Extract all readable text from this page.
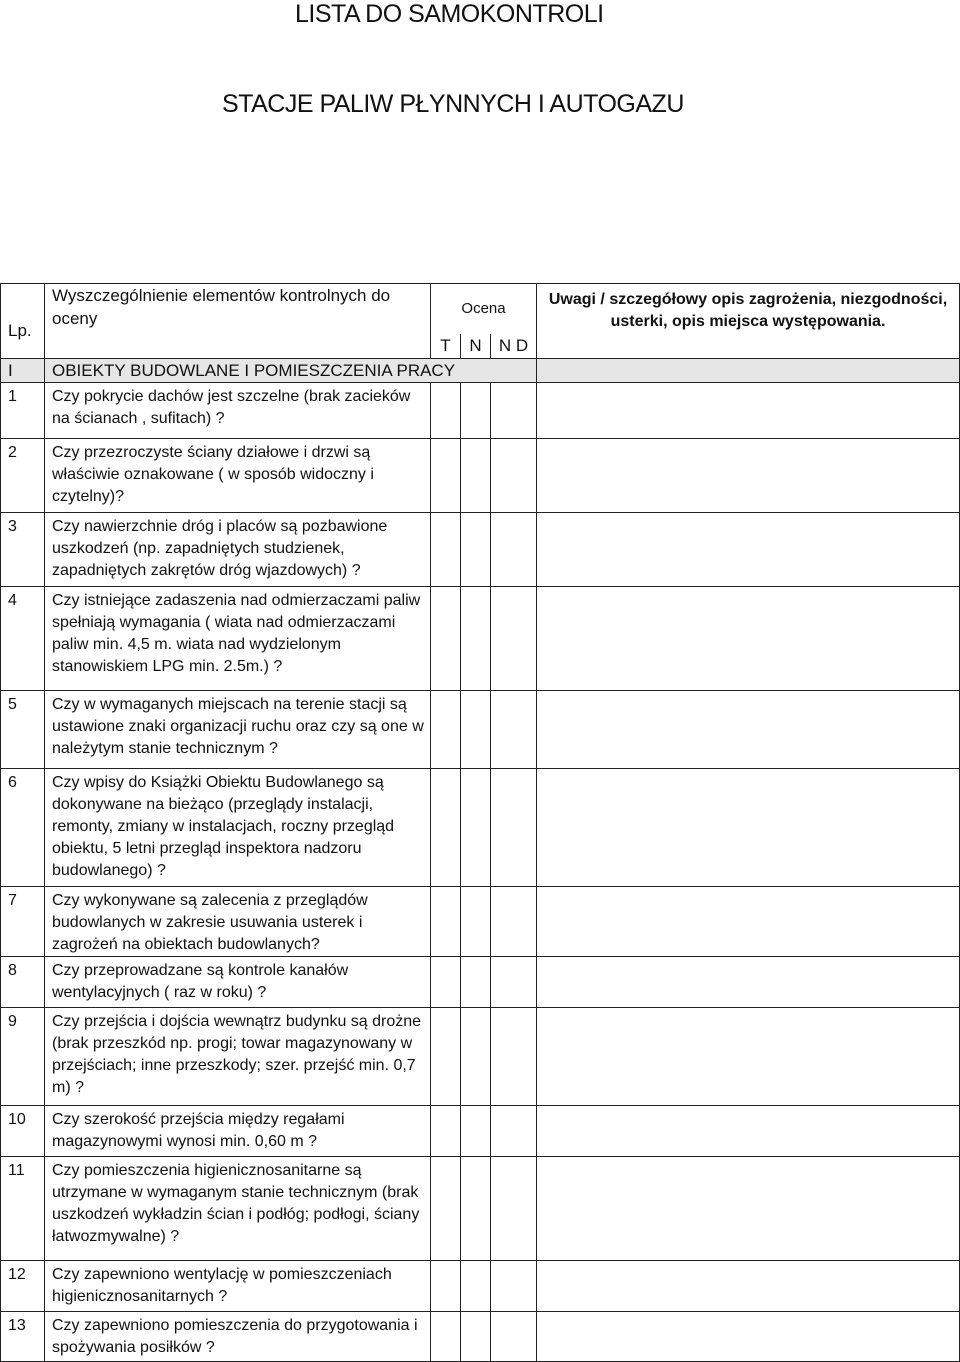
LISTA DO SAMOKONTROLI
STACJE PALIW PŁYNNYCH I AUTOGAZU
Lp.	Wyszczególnienie elementów kontrolnych do oceny	Ocena			Uwagi / szczegółowy opis zagrożenia, niezgodności, usterki, opis miejsca występowania.
		T	N	N D	
I	OBIEKTY BUDOWLANE I POMIESZCZENIA PRACY				
1	Czy pokrycie dachów jest szczelne (brak zacieków na ścianach , sufitach) ?				
2	Czy przezroczyste ściany działowe i drzwi są właściwie oznakowane ( w sposób widoczny i czytelny)?				
3	Czy nawierzchnie dróg i placów są pozbawione uszkodzeń (np. zapadniętych studzienek, zapadniętych zakrętów dróg wjazdowych) ?				
4	Czy istniejące zadaszenia nad odmierzaczami paliw spełniają wymagania ( wiata nad odmierzaczami paliw min. 4,5 m. wiata nad wydzielonym stanowiskiem LPG min. 2.5m.) ?				
5	Czy w wymaganych miejscach na terenie stacji są ustawione znaki organizacji ruchu oraz czy są one w należytym stanie technicznym ?				
6	Czy wpisy do Książki Obiektu Budowlanego są dokonywane na bieżąco (przeglądy instalacji, remonty, zmiany w instalacjach, roczny przegląd obiektu, 5 letni przegląd inspektora nadzoru budowlanego) ?				
7	Czy wykonywane są zalecenia z przeglądów budowlanych w zakresie usuwania usterek i zagrożeń na obiektach budowlanych?				
8	Czy przeprowadzane są kontrole kanałów wentylacyjnych ( raz w roku) ?				
9	Czy przejścia i dojścia wewnątrz budynku są drożne (brak przeszkód np. progi; towar magazynowany w przejściach; inne przeszkody; szer. przejść min. 0,7 m) ?				
10	Czy szerokość przejścia między regałami magazynowymi wynosi min. 0,60 m ?				
11	Czy pomieszczenia higienicznosanitarne są utrzymane w wymaganym stanie technicznym (brak uszkodzeń wykładzin ścian i podłóg; podłogi, ściany łatwozmywalne) ?				
12	Czy zapewniono wentylację w pomieszczeniach higienicznosanitarnych ?				
13	Czy zapewniono pomieszczenia do przygotowania i spożywania posiłków ?				
